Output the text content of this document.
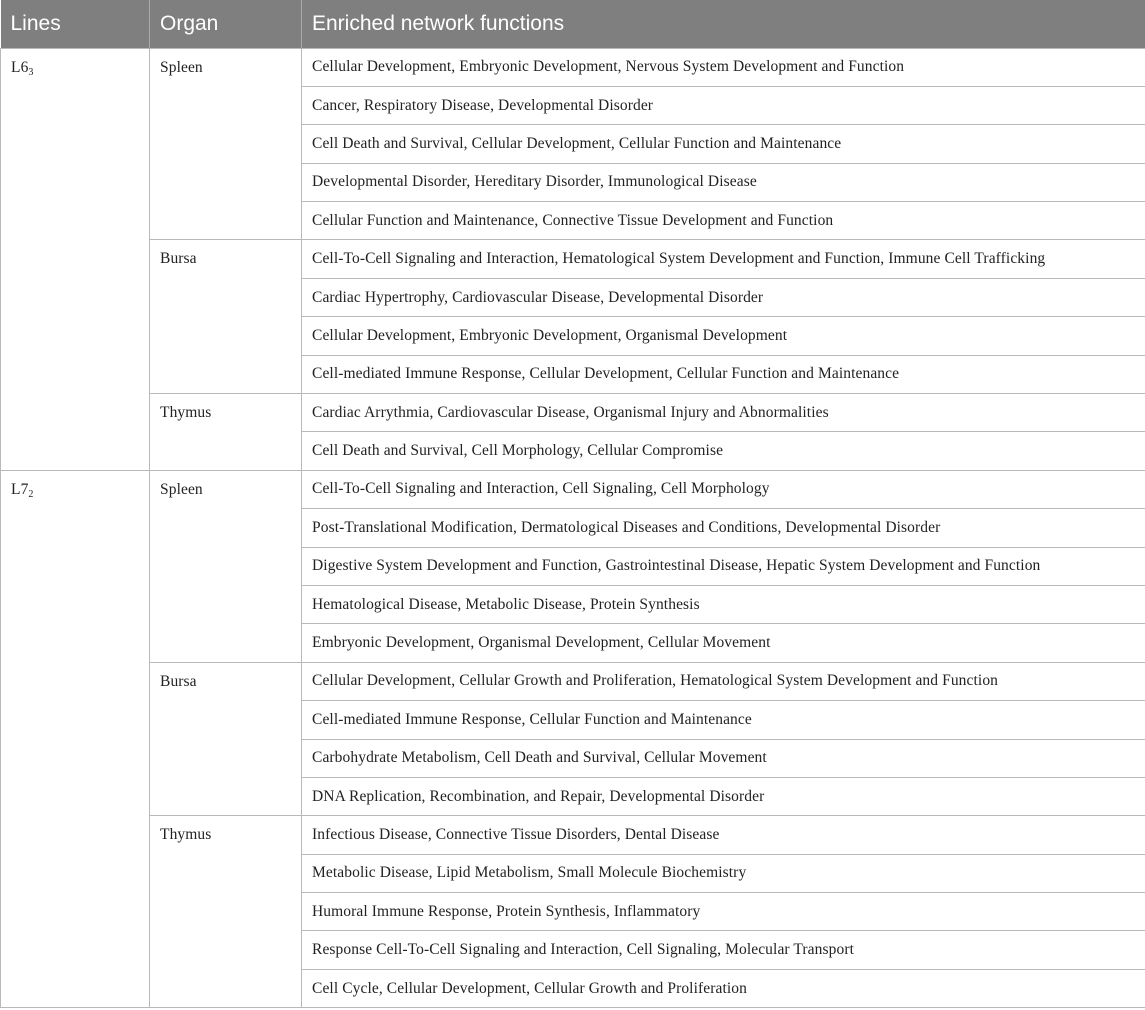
Lines	Organ	Enriched network functions
$L6_3$	Spleen	Cellular Development, Embryonic Development, Nervous System Development and Function
		Cancer, Respiratory Disease, Developmental Disorder
		Cell Death and Survival, Cellular Development, Cellular Function and Maintenance
		Developmental Disorder, Hereditary Disorder, Immunological Disease
		Cellular Function and Maintenance, Connective Tissue Development and Function
	Bursa	Cell-To-Cell Signaling and Interaction, Hematological System Development and Function, Immune Cell Trafficking
		Cardiac Hypertrophy, Cardiovascular Disease, Developmental Disorder
		Cellular Development, Embryonic Development, Organismal Development
		Cell-mediated Immune Response, Cellular Development, Cellular Function and Maintenance
	Thymus	Cardiac Arrythmia, Cardiovascular Disease, Organismal Injury and Abnormalities
		Cell Death and Survival, Cell Morphology, Cellular Compromise
$L7_2$	Spleen	Cell-To-Cell Signaling and Interaction, Cell Signaling, Cell Morphology
		Post-Translational Modification, Dermatological Diseases and Conditions, Developmental Disorder
		Digestive System Development and Function, Gastrointestinal Disease, Hepatic System Development and Function
		Hematological Disease, Metabolic Disease, Protein Synthesis
		Embryonic Development, Organismal Development, Cellular Movement
	Bursa	Cellular Development, Cellular Growth and Proliferation, Hematological System Development and Function
		Cell-mediated Immune Response, Cellular Function and Maintenance
		Carbohydrate Metabolism, Cell Death and Survival, Cellular Movement
		DNA Replication, Recombination, and Repair, Developmental Disorder
	Thymus	Infectious Disease, Connective Tissue Disorders, Dental Disease
		Metabolic Disease, Lipid Metabolism, Small Molecule Biochemistry
		Humoral Immune Response, Protein Synthesis, Inflammatory
		Response Cell-To-Cell Signaling and Interaction, Cell Signaling, Molecular Transport
		Cell Cycle, Cellular Development, Cellular Growth and Proliferation
